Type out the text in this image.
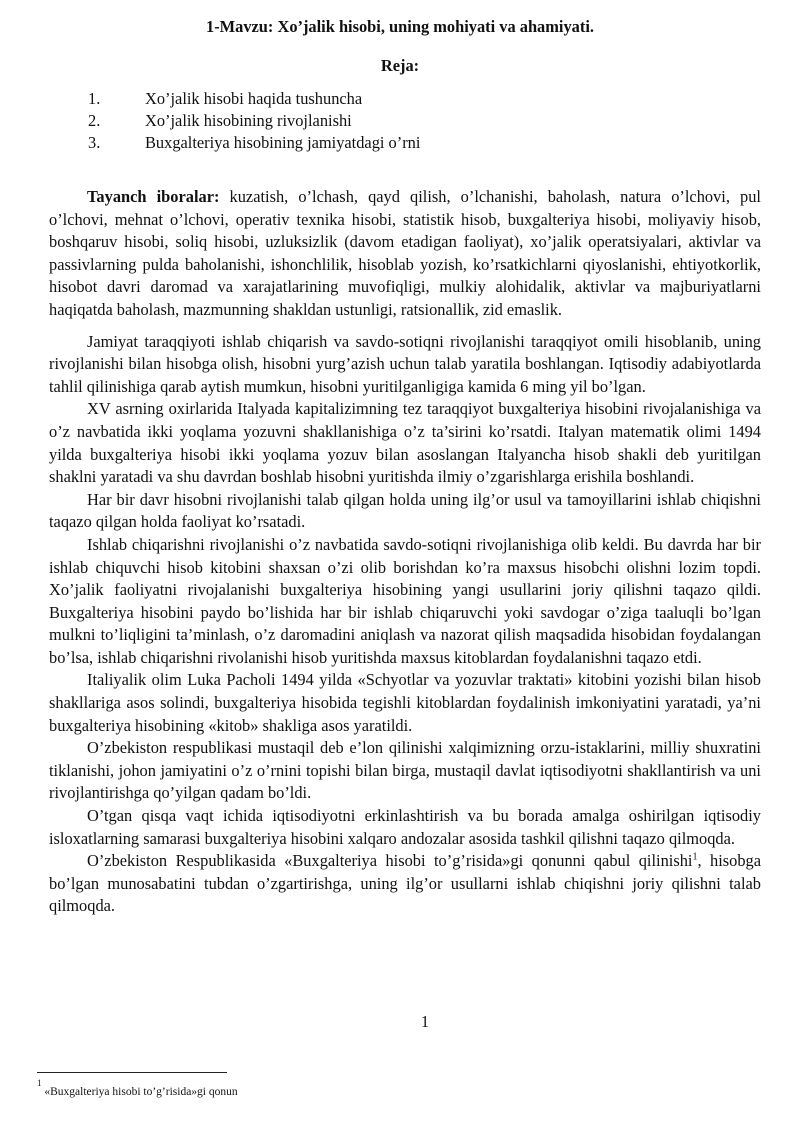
1-Mavzu: Xo’jalik hisobi, uning mohiyati va ahamiyati.
Reja:
1.	Xo’jalik hisobi haqida tushuncha
2.	Xo’jalik hisobining rivojlanishi
3.	Buxgalteriya hisobining jamiyatdagi o’rni

Tayanch iboralar: kuzatish, o’lchash, qayd qilish, o’lchanishi, baholash, natura o’lchovi, pul o’lchovi, mehnat o’lchovi, operativ texnika hisobi, statistik hisob, buxgalteriya hisobi, moliyaviy hisob, boshqaruv hisobi, soliq hisobi, uzluksizlik (davom etadigan faoliyat), xo’jalik operatsiyalari, aktivlar va passivlarning pulda baholanishi, ishonchlilik, hisoblab yozish, ko’rsatkichlarni qiyoslanishi, ehtiyotkorlik, hisobot davri daromad va xarajatlarining muvofiqligi, mulkiy alohidalik, aktivlar va majburiyatlarni haqiqatda baholash, mazmunning shakldan ustunligi, ratsionallik, zid emaslik.

Jamiyat taraqqiyoti ishlab chiqarish va savdo-sotiqni rivojlanishi taraqqiyot omili hisoblanib, uning rivojlanishi bilan hisobga olish, hisobni yurg’azish uchun talab yaratila boshlangan. Iqtisodiy adabiyotlarda tahlil qilinishiga qarab aytish mumkun, hisobni yuritilganligiga kamida 6 ming yil bo’lgan.

XV asrning oxirlarida Italyada kapitalizimning tez taraqqiyot buxgalteriya hisobini rivojalanishiga va o’z navbatida ikki yoqlama yozuvni shakllanishiga o’z ta’sirini ko’rsatdi. Italyan matematik olimi 1494 yilda buxgalteriya hisobi ikki yoqlama yozuv bilan asoslangan Italyancha hisob shakli deb yuritilgan shaklni yaratadi va shu davrdan boshlab hisobni yuritishda ilmiy o’zgarishlarga erishila boshlandi.

Har bir davr hisobni rivojlanishi talab qilgan holda uning ilg’or usul va tamoyillarini ishlab chiqishni taqazo qilgan holda faoliyat ko’rsatadi.

Ishlab chiqarishni rivojlanishi o’z navbatida savdo-sotiqni rivojlanishiga olib keldi. Bu davrda har bir ishlab chiquvchi hisob kitobini shaxsan o’zi olib borishdan ko’ra maxsus hisobchi olishni lozim topdi. Xo’jalik faoliyatni rivojalanishi buxgalteriya hisobining yangi usullarini joriy qilishni taqazo qildi. Buxgalteriya hisobini paydo bo’lishida har bir ishlab chiqaruvchi yoki savdogar o’ziga taaluqli bo’lgan mulkni to’liqligini ta’minlash, o’z daromadini aniqlash va nazorat qilish maqsadida hisobidan foydalangan bo’lsa, ishlab chiqarishni rivolanishi hisob yuritishda maxsus kitoblardan foydalanishni taqazo etdi.

Italiyalik olim Luka Pacholi 1494 yilda «Schyotlar va yozuvlar traktati» kitobini yozishi bilan hisob shakllariga asos solindi, buxgalteriya hisobida tegishli kitoblardan foydalinish imkoniyatini yaratadi, ya’ni buxgalteriya hisobining «kitob» shakliga asos yaratildi.

O’zbekiston respublikasi mustaqil deb e’lon qilinishi xalqimizning orzu-istaklarini, milliy shuxratini tiklanishi, johon jamiyatini o’z o’rnini topishi bilan birga, mustaqil davlat iqtisodiyotni shakllantirish va uni rivojlantirishga qo’yilgan qadam bo’ldi.

O’tgan qisqa vaqt ichida iqtisodiyotni erkinlashtirish va bu borada amalga oshirilgan iqtisodiy isloxatlarning samarasi buxgalteriya hisobini xalqaro andozalar asosida tashkil qilishni taqazo qilmoqda.

O’zbekiston Respublikasida «Buxgalteriya hisobi to’g’risida»gi qonunni qabul qilinishi$^1$, hisobga bo’lgan munosabatini tubdan o’zgartirishga, uning ilg’or usullarni ishlab chiqishni joriy qilishni talab qilmoqda.

1
$^1$ «Buxgalteriya hisobi to’g’risida»gi qonun
